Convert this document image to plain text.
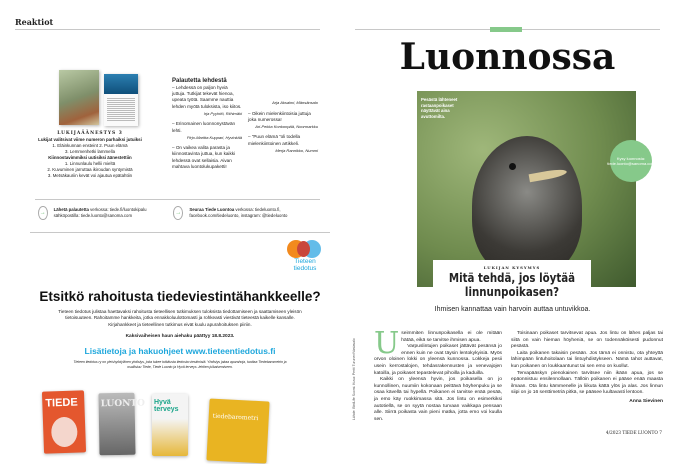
Reaktiot
LUKIJAÄÄNESTYS 3
Lukijat valitsivat viime numeron parhaiksi jutuiksi
1. Eläinkunnan ensteint 2. Puun elämä
3. Lemmenhetki lammella
Kiinnostavimmiksi uutisiksi äänestettiin
1. Linnunlaulu hellii mieltä
2. Kuvuminen jarruttaa ikiroudan syntymistä
3. Metsäkauriin kevät voi ajautua epätahtiin
Palautetta lehdestä

– Lehdessä on paljon hyviä juttuja. Tutkijat tekevät hienoa, upeata työtä. Saamme nauttia lehden myötä tuloksista, iso kiitos.

Irja Pyyhtiö, Riihimäki

– Erinomainen luonnonystävän lehti.

Pirjo-Maritta Kuppari, Hyvinkää

– On vaikea valita parasta ja kiinnostavinta juttua, kun kaikki lehdessä ovat sellaisia. Aivan mahtava luontolukupaketti!

Arja Aksalmi, Mänsänsalo

– Oikein mielenkiintoisia juttuja joka numerossa!

Ari-Pekka Konkonpää, Noormarkku

– ”Puun elämä ”oli todella mielenkiintoinen artikkeli.

Merja Rannikko, Nummi
→
Lähetä palautetta verkossa: tiede.fi/luontokipalu sähköpostilla: tiede.luonto@sanoma.com	→
Seuraa Tiede Luontoa verkossa: tiedeluonto.fi, facebook.com/tiedeluonto, instagram: @tiedeluonto
Tieteen
tiedotus
Etsitkö rahoitusta tiedeviestintähankkeelle?
Tieteen tiedotus julistaa haettavaksi rahoitusta tieteellisen tutkimuksen tuloksista tiedottamiseen ja saattamiseen yleisön tietoisuuteen. Rahoitamme hankkeita, jotka ennakkoluulottomasti ja rohkeasti viestivät tieteestä kaikelle kansalle. Kirjahankkeet ja tieteellinen tutkimus eivät kuulu apurahoituksen piiriin.
Kaksivaiheisen haun aiehaku päättyy 18.8.2023.
Lisätietoja ja hakuohjeet www.tieteentiedotus.fi
Tieteen tiedotus ry on yleishyödyllinen yhdistys, joka tukee tutkitusta tiedosta viestimistä. Yhdistys jakaa apurahoja, tuottaa Tiedebarometrin ja osallistuu Tiede, Tiede Luonto ja Hyvä terveys -lehtien julkaisemiseen.
TIEDE	LUONTO Hyvä terveys
tiedebarometri
Luonnossa
Pesästä lähteneet rastaanpoikaset näyttävät aina avuttomilta.
Kysy luonnosta: tiede.luonto@sanoma.com
LUKIJAN KYSYMYS
Mitä tehdä, jos löytää linnunpoikasen?
Ihmisen kannattaa vain harvoin auttaa untuvikkoa.
Lähde: BirdLife Suomi. Kuva: Pertti Turunen/Vastavalo U seimmiten linnunpoikasella ei ole mitään hätää, eikä se tarvitse ihmisen apua.

Varpuslintujen poikaset jättävät pesänsä jo ennen kuin ne ovat täysin lentokykyisiä. Myös orvon oloinen lokki on yleensä kunnossa. Lokkeja pesii usein kerrostalojen, tehdasrakennusten ja venevajojen katoilla, ja poikaset tepastelevat pihoilla ja kaduilla.

Kaikki on yleensä hyvin, jos poikasella on jo kunnollinen, nuumiin kokonaan peittävä höyhenpuku ja se osaa kävellä tai hypellä. Poikanen ei tarvitse enää pesää, ja emo käy ruokkimassa sitä. Jos lintu on esimerkiksi autotiellä, se on syytä nostaa turvaan vaikkapa pensaan alle. Siirrä poikasta vain pieni matka, jotta emo voi kuulla sen.

Toisinaan poikaset tarvitsevat apua. Jos lintu on lähes paljas tai siitä on vain hieman höyheniä, se on todennäköisesti pudonnut pesästä.

Laita poikanen takaisin pesään. Jos tämä ei onnistu, ota yhteyttä lähimpään lintuhoitolaan tai lintuyhdistykseen. Nämä tahot auttavat, kun poikanen on loukkaantunut tai sen emo on kuollut.

Tervapääskyn pienokainen tarvitsee niin ikään apua, jos se epäonnistuu ensilennollaan. Tällöin poikanen ei pääse enää maasta ilmaan. Ota lintu kämmenelle ja liikuta kättä ylös ja alas. Jos linnun siipi on jo 16 senttimetriä pitkä, se pääsee luultavasti lentoon.

Anna Sievinen
4/2023 TIEDE LUONTO 7
